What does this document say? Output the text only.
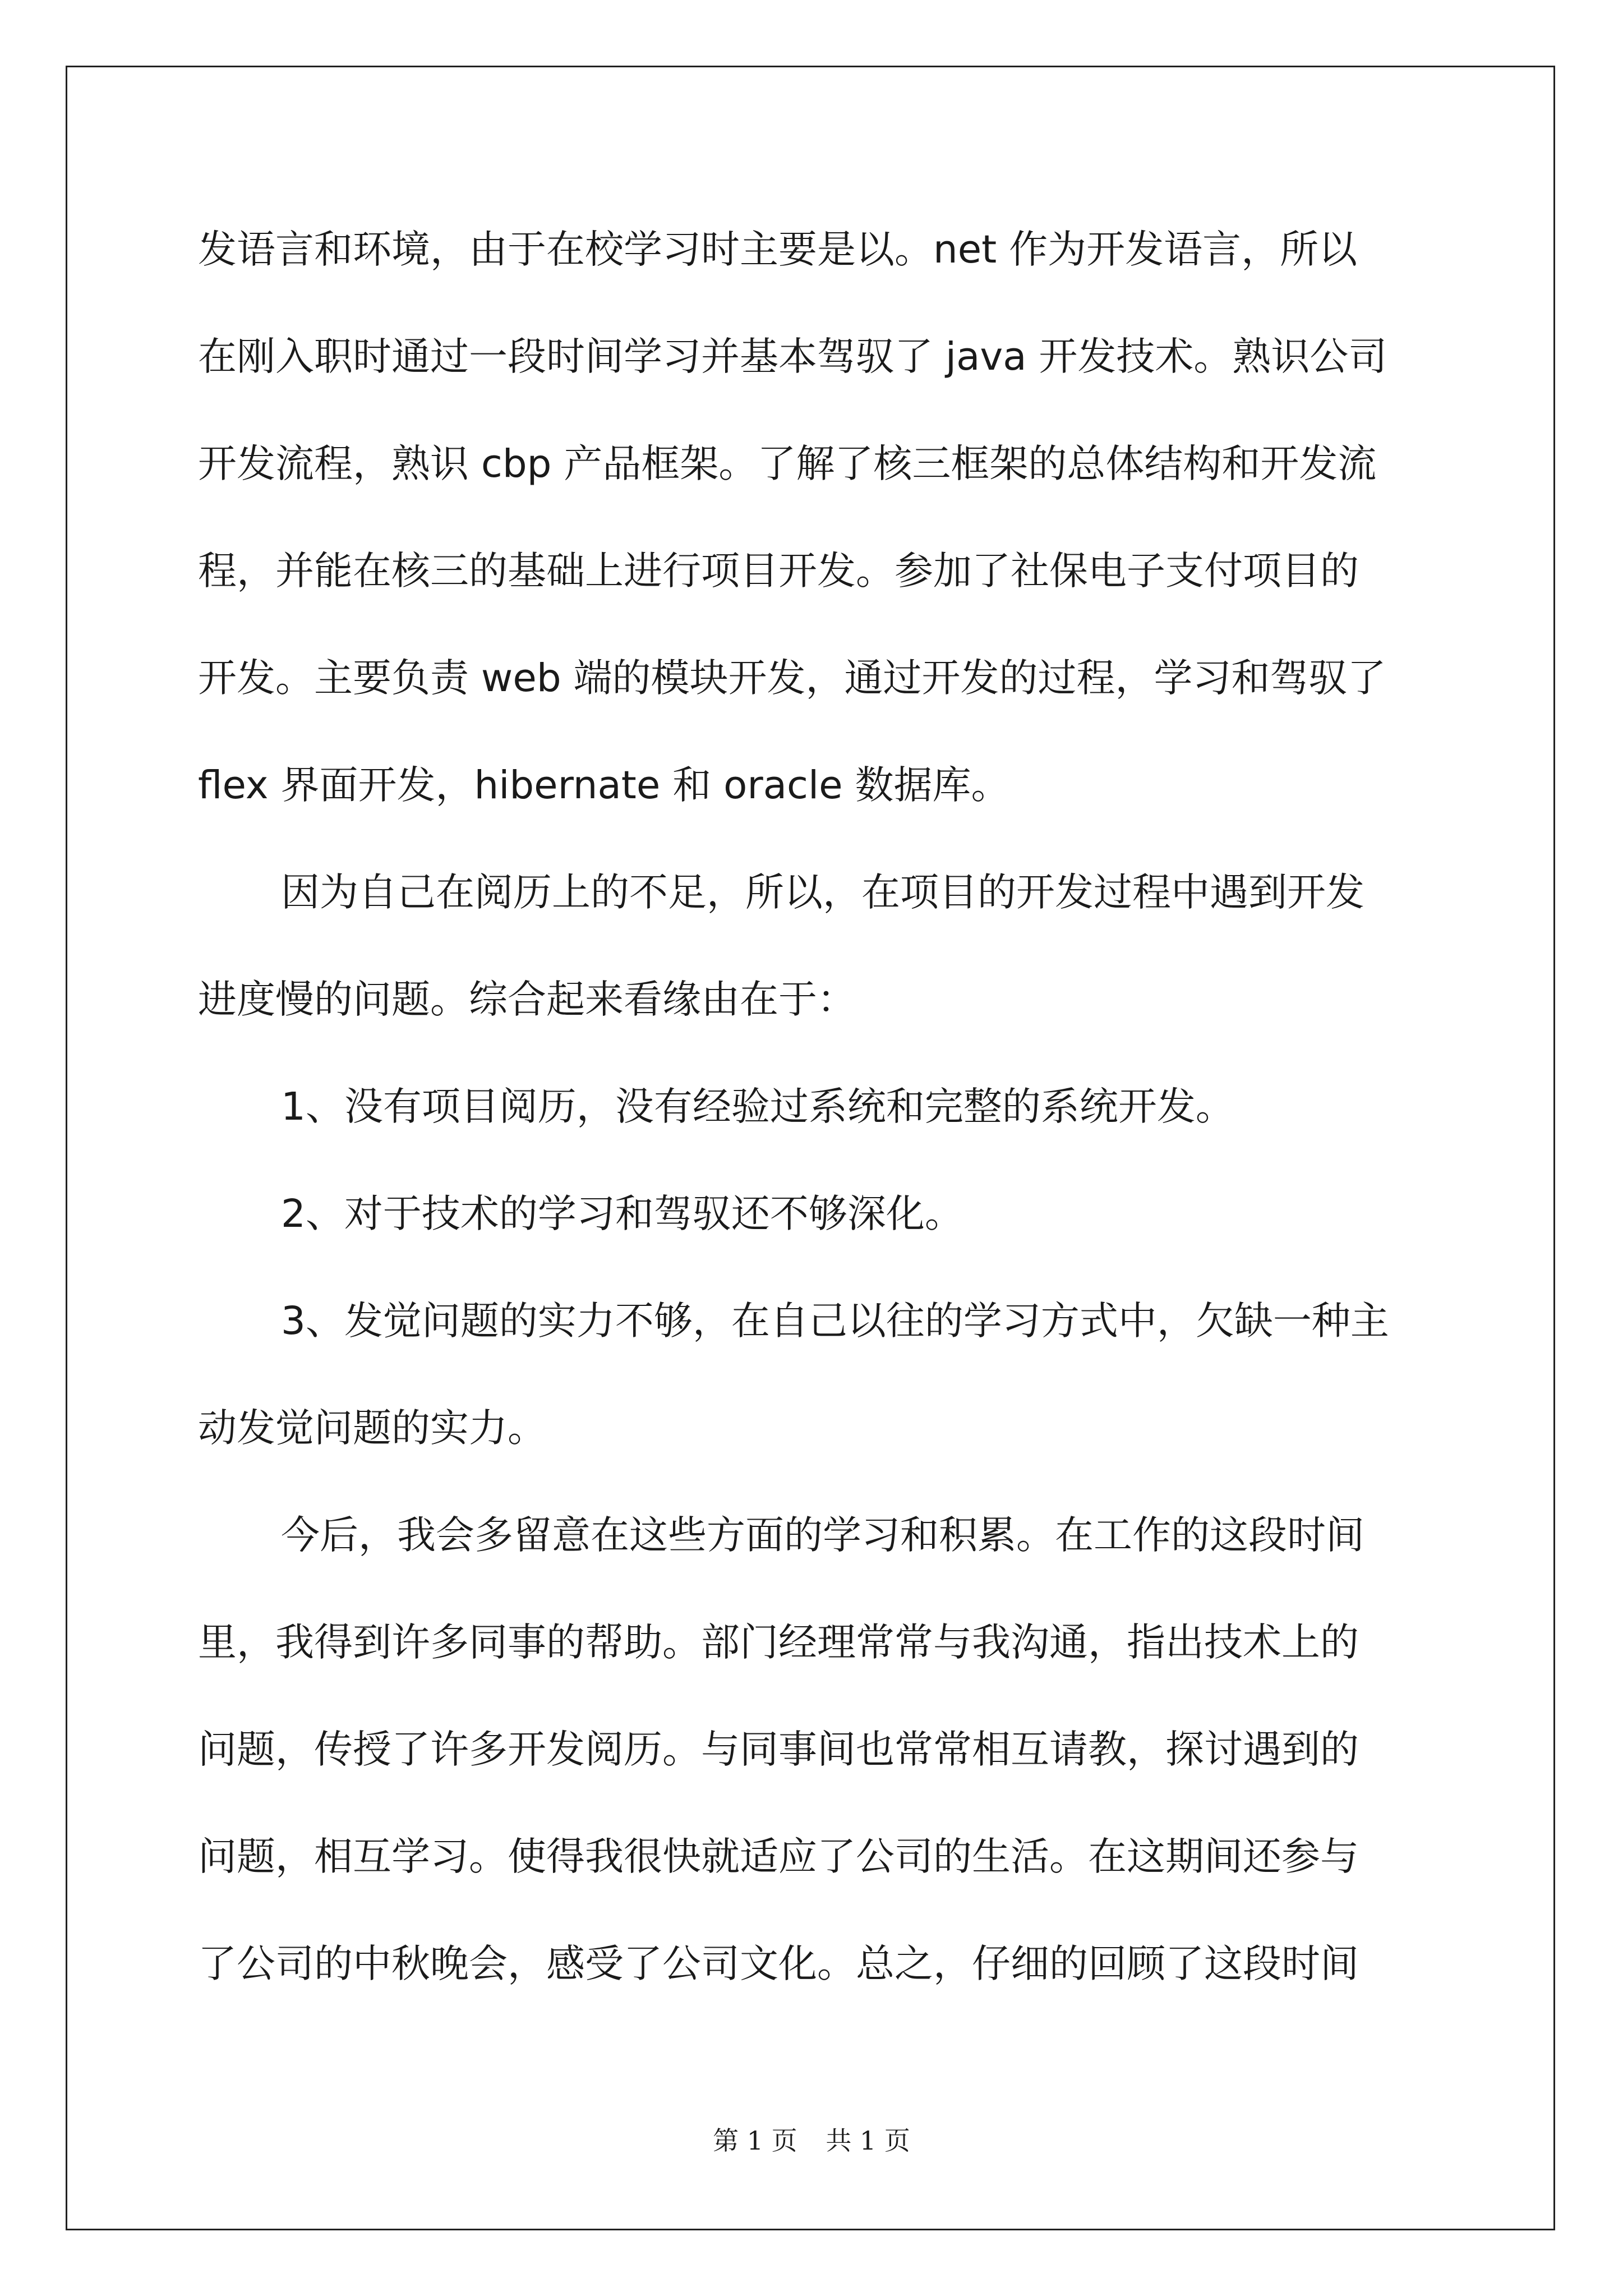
发语言和环境，由于在校学习时主要是以。net 作为开发语言，所以
在刚入职时通过一段时间学习并基本驾驭了 java 开发技术。熟识公司
开发流程，熟识 cbp 产品框架。了解了核三框架的总体结构和开发流
程，并能在核三的基础上进行项目开发。参加了社保电子支付项目的
开发。主要负责 web 端的模块开发，通过开发的过程，学习和驾驭了
flex 界面开发，hibernate 和 oracle 数据库。
因为自己在阅历上的不足，所以，在项目的开发过程中遇到开发
进度慢的问题。综合起来看缘由在于：
1、没有项目阅历，没有经验过系统和完整的系统开发。
2、对于技术的学习和驾驭还不够深化。
3、发觉问题的实力不够，在自己以往的学习方式中，欠缺一种主
动发觉问题的实力。
今后，我会多留意在这些方面的学习和积累。在工作的这段时间
里，我得到许多同事的帮助。部门经理常常与我沟通，指出技术上的
问题，传授了许多开发阅历。与同事间也常常相互请教，探讨遇到的
问题，相互学习。使得我很快就适应了公司的生活。在这期间还参与
了公司的中秋晚会，感受了公司文化。总之，仔细的回顾了这段时间
第 1 页 共 1 页
